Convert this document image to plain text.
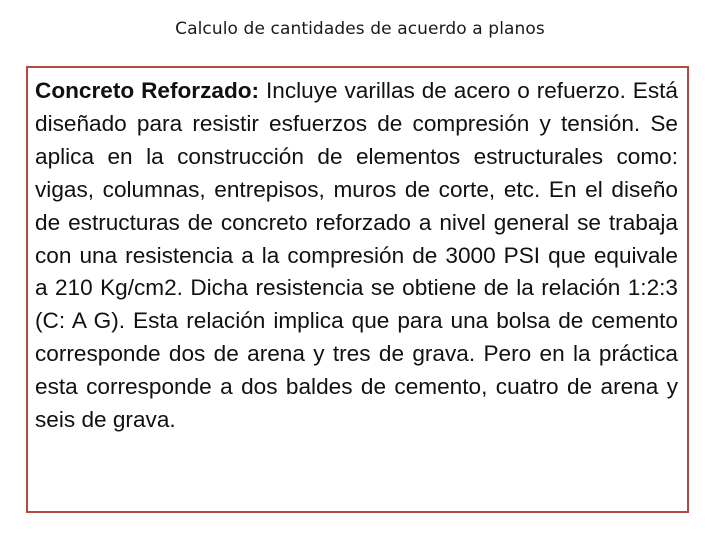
Calculo de cantidades de acuerdo a planos

Concreto Reforzado: Incluye varillas de acero o refuerzo. Está diseñado para resistir esfuerzos de compresión y tensión. Se aplica en la construcción de elementos estructurales como: vigas, columnas, entrepisos, muros de corte, etc. En el diseño de estructuras de concreto reforzado a nivel general se trabaja con una resistencia a la compresión de 3000 PSI que equivale a 210 Kg/cm2. Dicha resistencia se obtiene de la relación 1:2:3 (C: A G). Esta relación implica que para una bolsa de cemento corresponde dos de arena y tres de grava. Pero en la práctica esta corresponde a dos baldes de cemento, cuatro de arena y seis de grava.
